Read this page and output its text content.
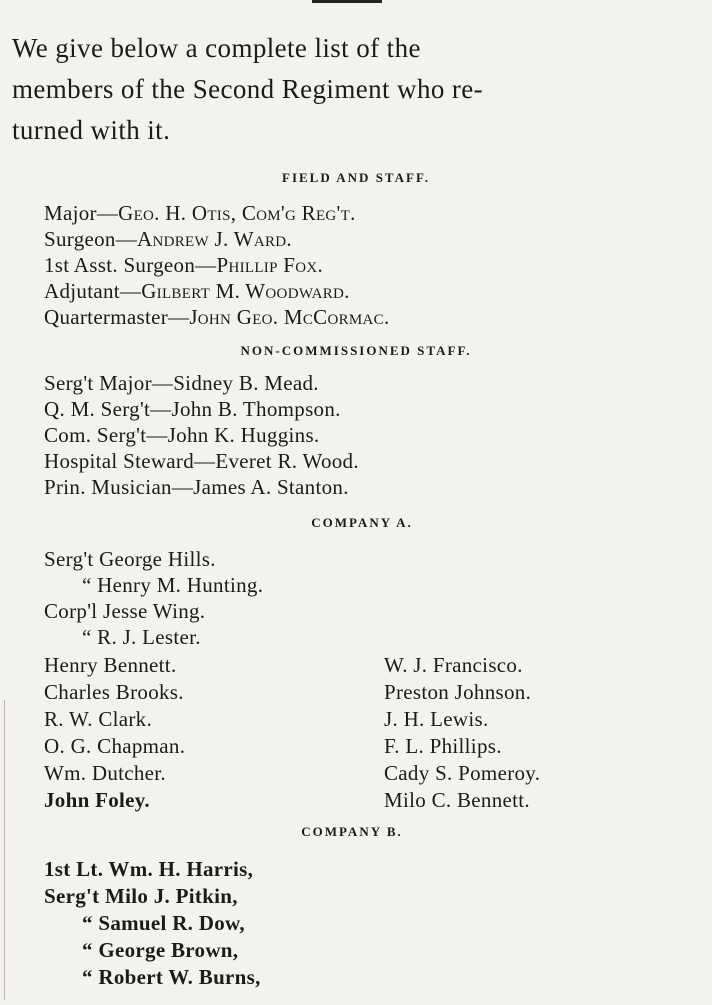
We give below a complete list of the
members of the Second Regiment who re-
turned with it.

FIELD AND STAFF.

Major—Geo. H. Otis, Com'g Reg't.

Surgeon—Andrew J. Ward.

1st Asst. Surgeon—Phillip Fox.

Adjutant—Gilbert M. Woodward.

Quartermaster—John Geo. McCormac.

NON-COMMISSIONED STAFF.

Serg't Major—Sidney B. Mead.

Q. M. Serg't—John B. Thompson.

Com. Serg't—John K. Huggins.

Hospital Steward—Everet R. Wood.

Prin. Musician—James A. Stanton.

COMPANY A.

Serg't George Hills.

“ Henry M. Hunting.

Corp'l Jesse Wing.

“ R. J. Lester.

Henry Bennett.
Charles Brooks.
R. W. Clark.
O. G. Chapman.
Wm. Dutcher.
John Foley.
W. J. Francisco.
Preston Johnson.
J. H. Lewis.
F. L. Phillips.
Cady S. Pomeroy.
Milo C. Bennett.

COMPANY B.

1st Lt. Wm. H. Harris,

Serg't Milo J. Pitkin,

“ Samuel R. Dow,

“ George Brown,

“ Robert W. Burns,
